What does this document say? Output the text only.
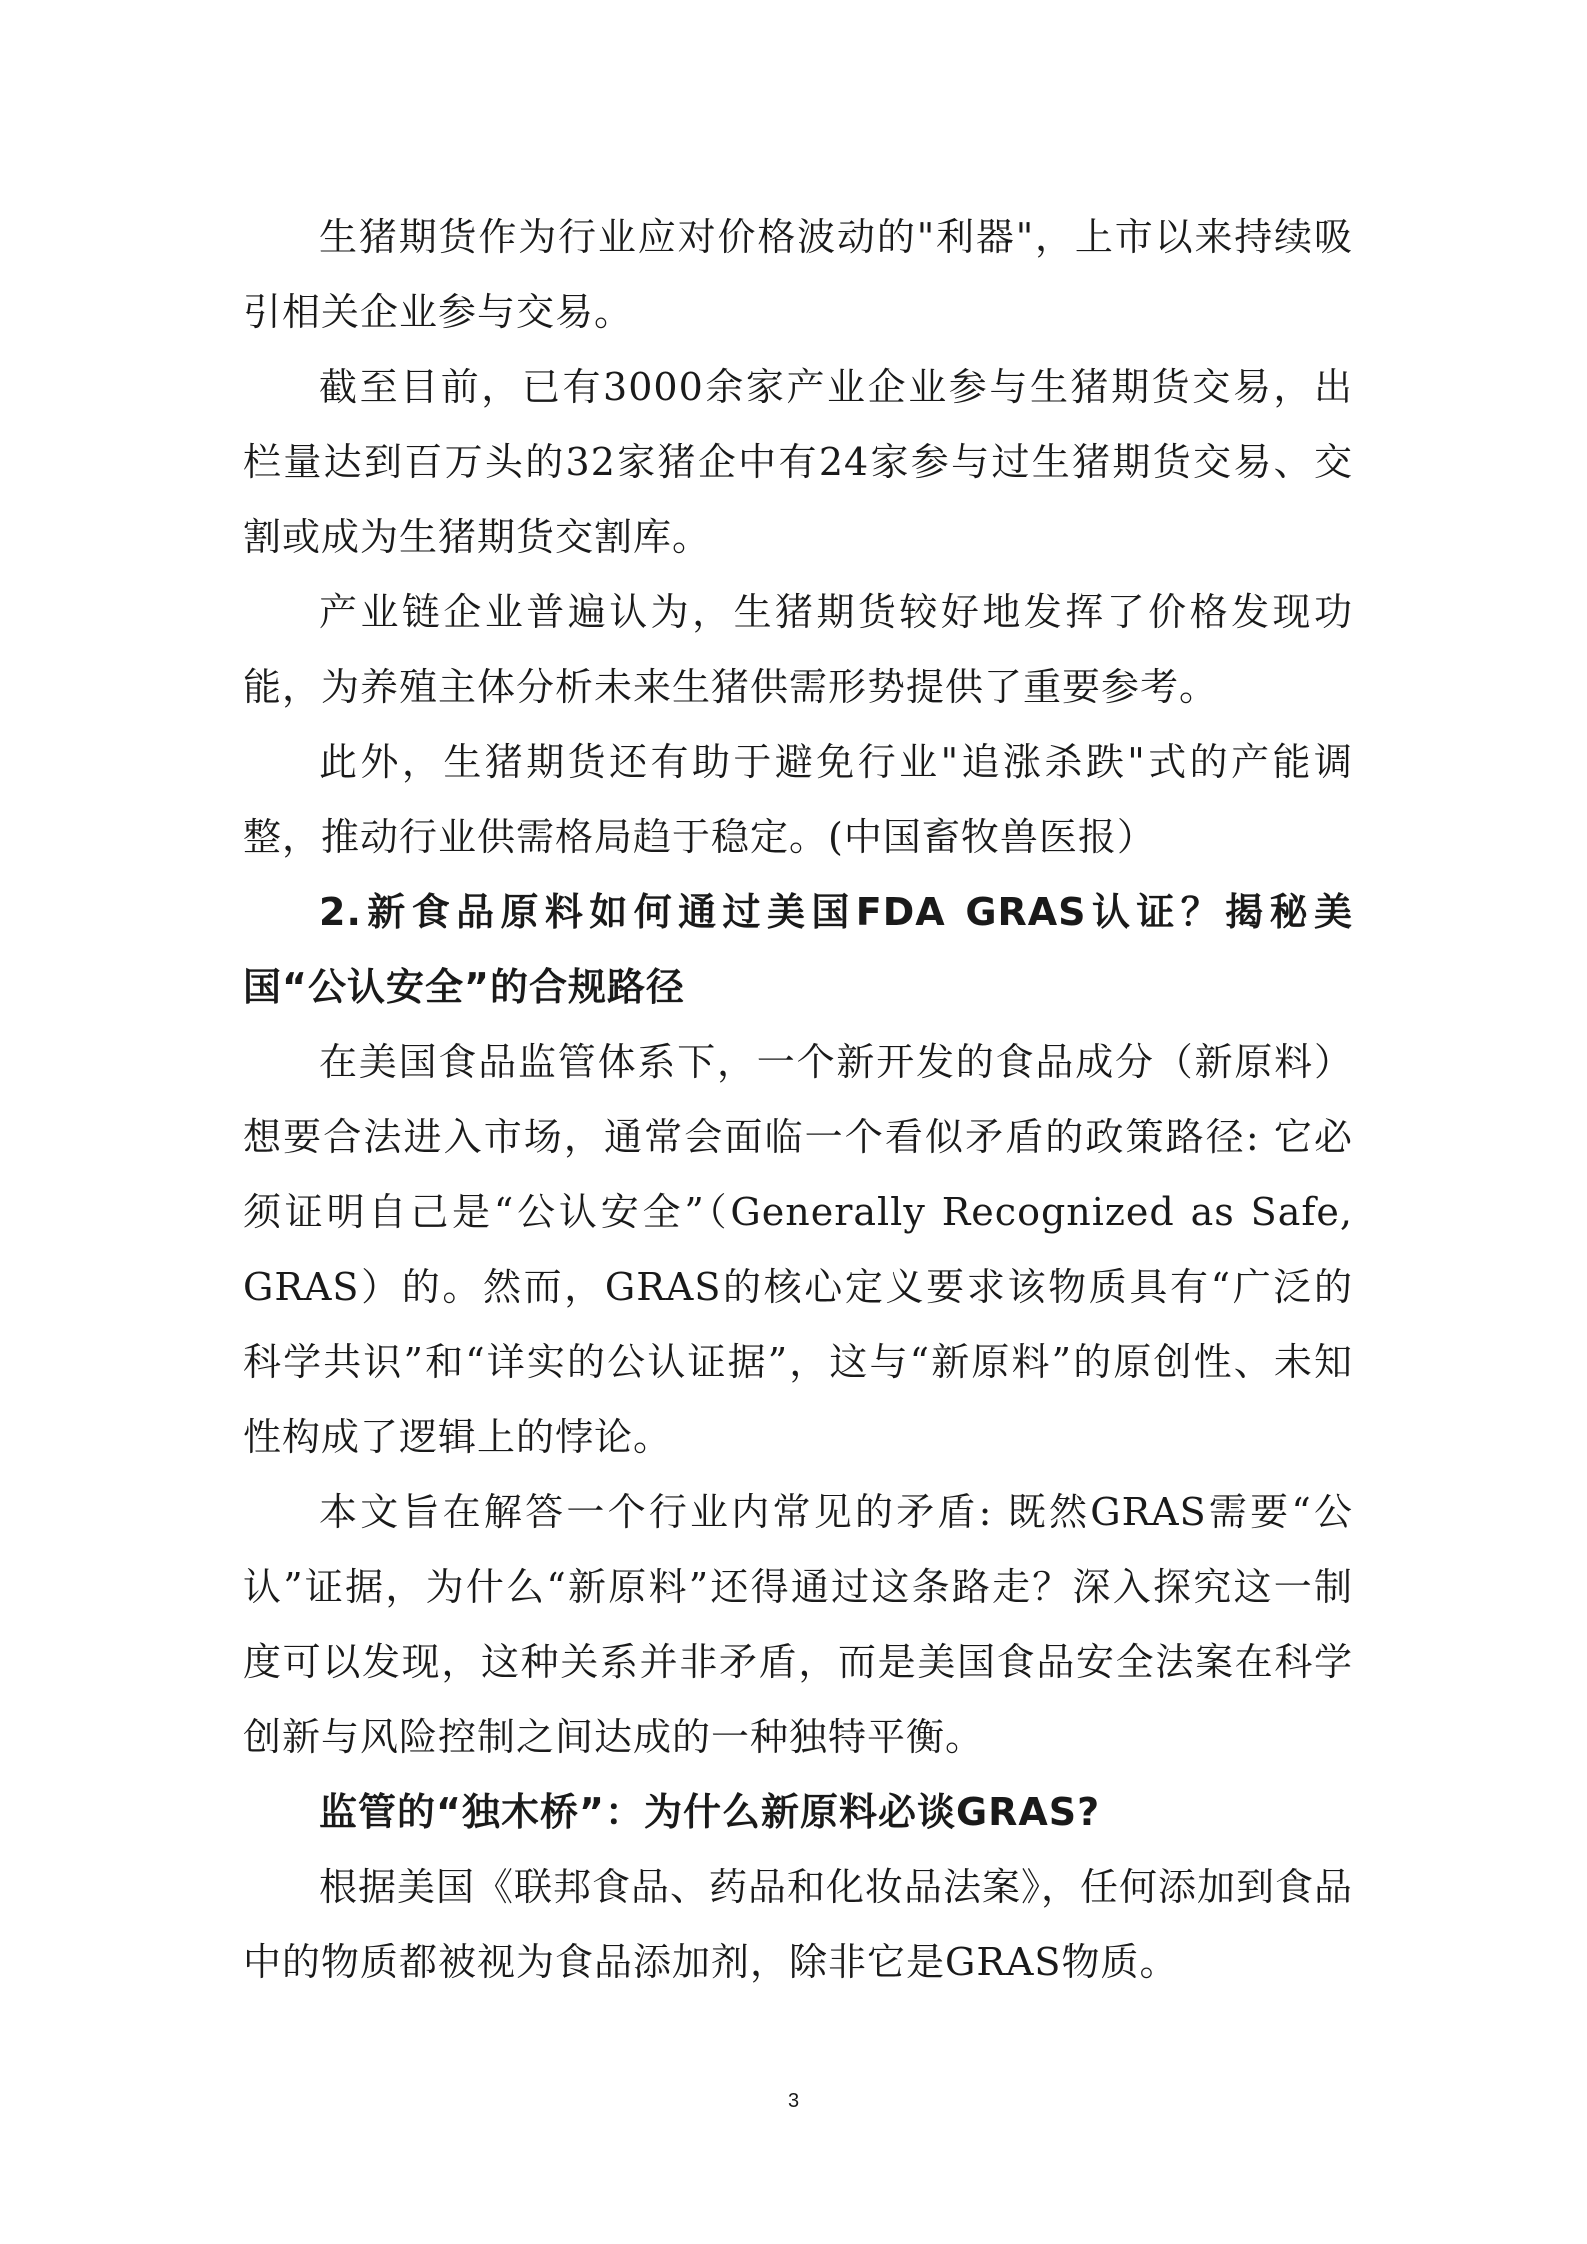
生猪期货作为行业应对价格波动的"利器"，上市以来持续吸引相关企业参与交易。

截至目前，已有3000余家产业企业参与生猪期货交易，出栏量达到百万头的32家猪企中有24家参与过生猪期货交易、交割或成为生猪期货交割库。

产业链企业普遍认为，生猪期货较好地发挥了价格发现功能，为养殖主体分析未来生猪供需形势提供了重要参考。

此外，生猪期货还有助于避免行业"追涨杀跌"式的产能调整，推动行业供需格局趋于稳定。(中国畜牧兽医报）

2.新食品原料如何通过美国FDA GRAS认证？揭秘美国“公认安全”的合规路径

在美国食品监管体系下，一个新开发的食品成分（新原料）想要合法进入市场，通常会面临一个看似矛盾的政策路径: 它必须证明自己是“公认安全”（Generally Recognized as Safe, GRAS）的。然而，GRAS的核心定义要求该物质具有“广泛的科学共识”和“详实的公认证据”，这与“新原料”的原创性、未知性构成了逻辑上的悖论。

本文旨在解答一个行业内常见的矛盾: 既然GRAS需要“公认”证据，为什么“新原料”还得通过这条路走？深入探究这一制度可以发现，这种关系并非矛盾，而是美国食品安全法案在科学创新与风险控制之间达成的一种独特平衡。

监管的“独木桥”：为什么新原料必谈GRAS?

根据美国《联邦食品、药品和化妆品法案》，任何添加到食品中的物质都被视为食品添加剂，除非它是GRAS物质。

3
